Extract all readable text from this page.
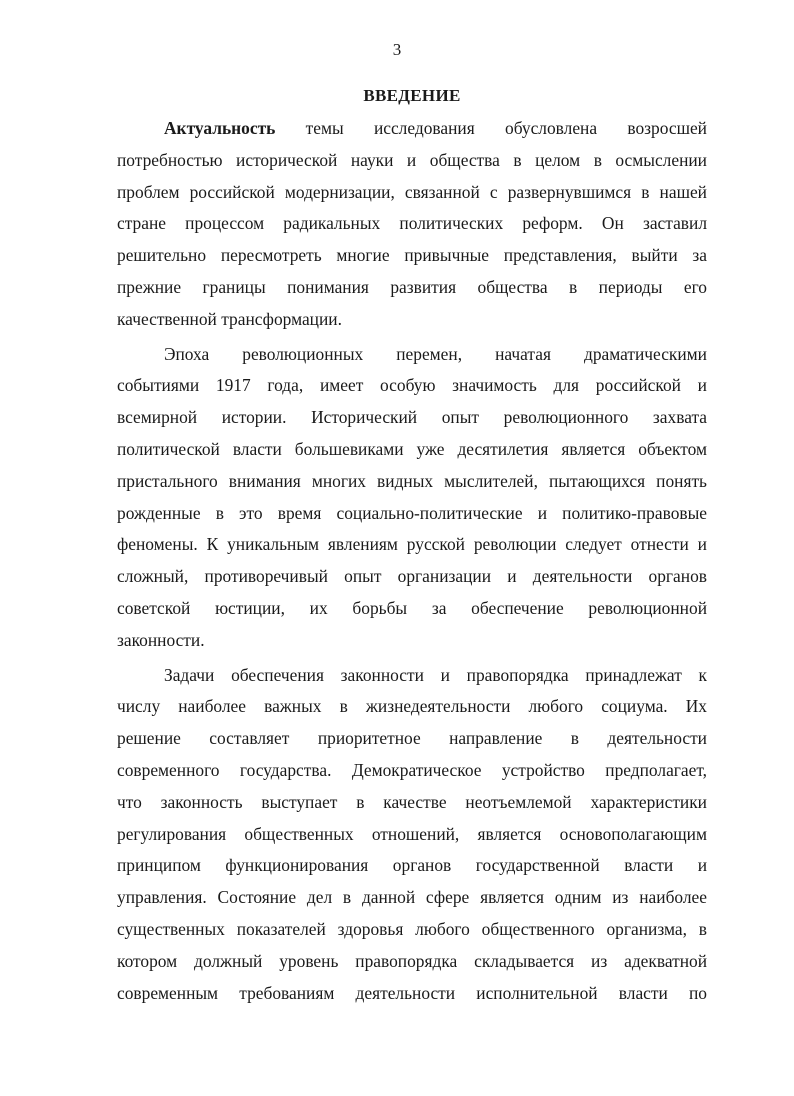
3
ВВЕДЕНИЕ
Актуальность темы исследования обусловлена возросшей
потребностью исторической науки и общества в целом в осмыслении
проблем российской модернизации, связанной с развернувшимся в нашей
стране процессом радикальных политических реформ. Он заставил
решительно пересмотреть многие привычные представления, выйти за
прежние границы понимания развития общества в периоды его
качественной трансформации.
Эпоха революционных перемен, начатая драматическими
событиями 1917 года, имеет особую значимость для российской и
всемирной истории. Исторический опыт революционного захвата
политической власти большевиками уже десятилетия является объектом
пристального внимания многих видных мыслителей, пытающихся понять
рожденные в это время социально-политические и политико-правовые
феномены. К уникальным явлениям русской революции следует отнести и
сложный, противоречивый опыт организации и деятельности органов
советской юстиции, их борьбы за обеспечение революционной
законности.
Задачи обеспечения законности и правопорядка принадлежат к
числу наиболее важных в жизнедеятельности любого социума. Их
решение составляет приоритетное направление в деятельности
современного государства. Демократическое устройство предполагает,
что законность выступает в качестве неотъемлемой характеристики
регулирования общественных отношений, является основополагающим
принципом функционирования органов государственной власти и
управления. Состояние дел в данной сфере является одним из наиболее
существенных показателей здоровья любого общественного организма, в
котором должный уровень правопорядка складывается из адекватной
современным требованиям деятельности исполнительной власти по
